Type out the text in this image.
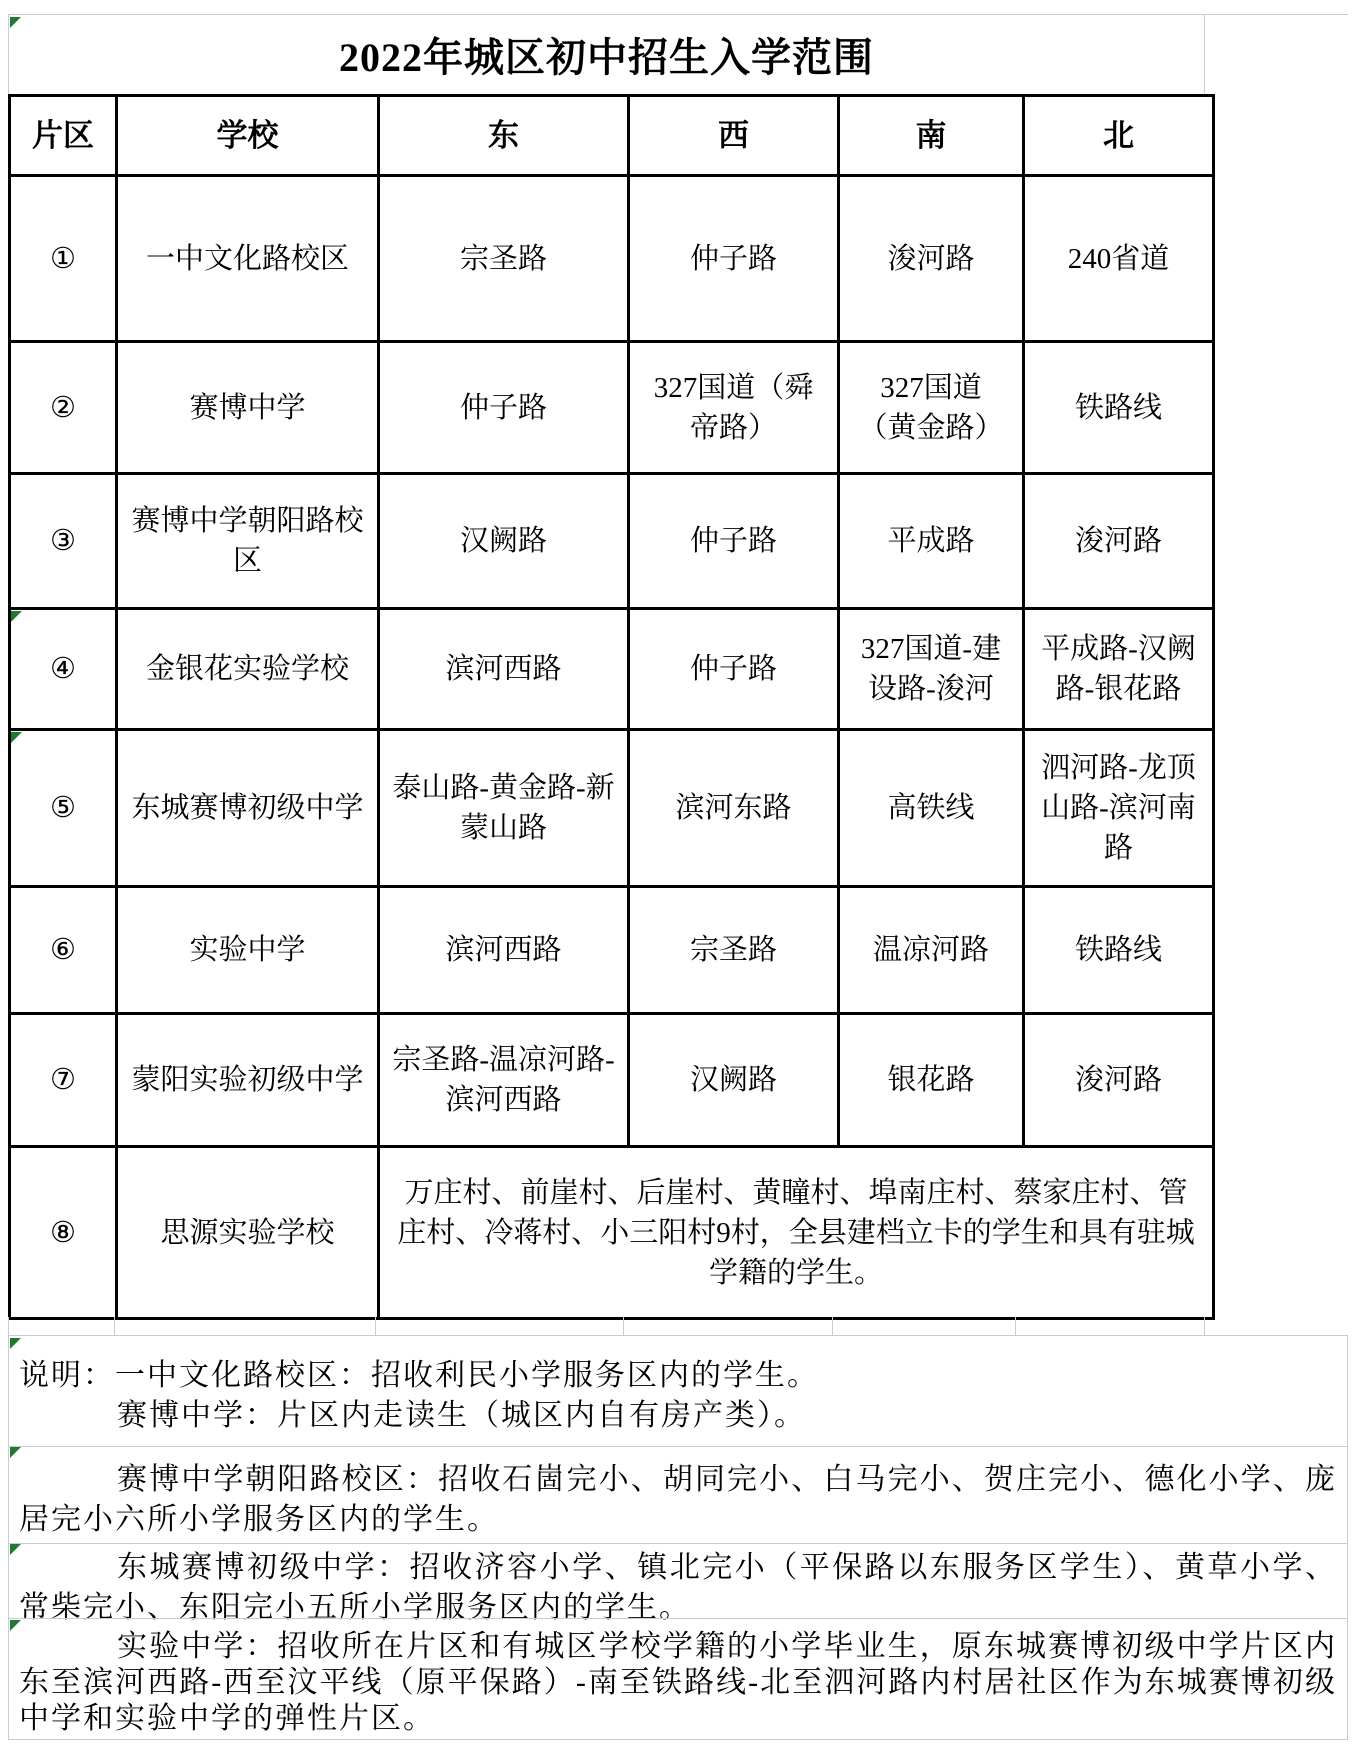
2022年城区初中招生入学范围
片区	学校	东	西	南	北
①	一中文化路校区	宗圣路	仲子路	浚河路	240省道
②	赛博中学	仲子路	327国道（舜帝路）	327国道（黄金路）	铁路线
③	赛博中学朝阳路校区	汉阙路	仲子路	平成路	浚河路
④	金银花实验学校	滨河西路	仲子路	327国道-建设路-浚河	平成路-汉阙路-银花路
⑤	东城赛博初级中学	泰山路-黄金路-新蒙山路	滨河东路	高铁线	泗河路-龙顶山路-滨河南路
⑥	实验中学	滨河西路	宗圣路	温凉河路	铁路线
⑦	蒙阳实验初级中学	宗圣路-温凉河路-滨河西路	汉阙路	银花路	浚河路
⑧	思源实验学校	万庄村、前崖村、后崖村、黄瞳村、埠南庄村、蔡家庄村、管庄村、冷蒋村、小三阳村9村，全县建档立卡的学生和具有驻城学籍的学生。			
说明：一中文化路校区：招收利民小学服务区内的学生。
赛博中学：片区内走读生（城区内自有房产类）。

赛博中学朝阳路校区：招收石崮完小、胡同完小、白马完小、贺庄完小、德化小学、庞居完小六所小学服务区内的学生。

东城赛博初级中学：招收济容小学、镇北完小（平保路以东服务区学生）、黄草小学、常柴完小、东阳完小五所小学服务区内的学生。

实验中学：招收所在片区和有城区学校学籍的小学毕业生，原东城赛博初级中学片区内东至滨河西路-西至汶平线（原平保路）-南至铁路线-北至泗河路内村居社区作为东城赛博初级中学和实验中学的弹性片区。
